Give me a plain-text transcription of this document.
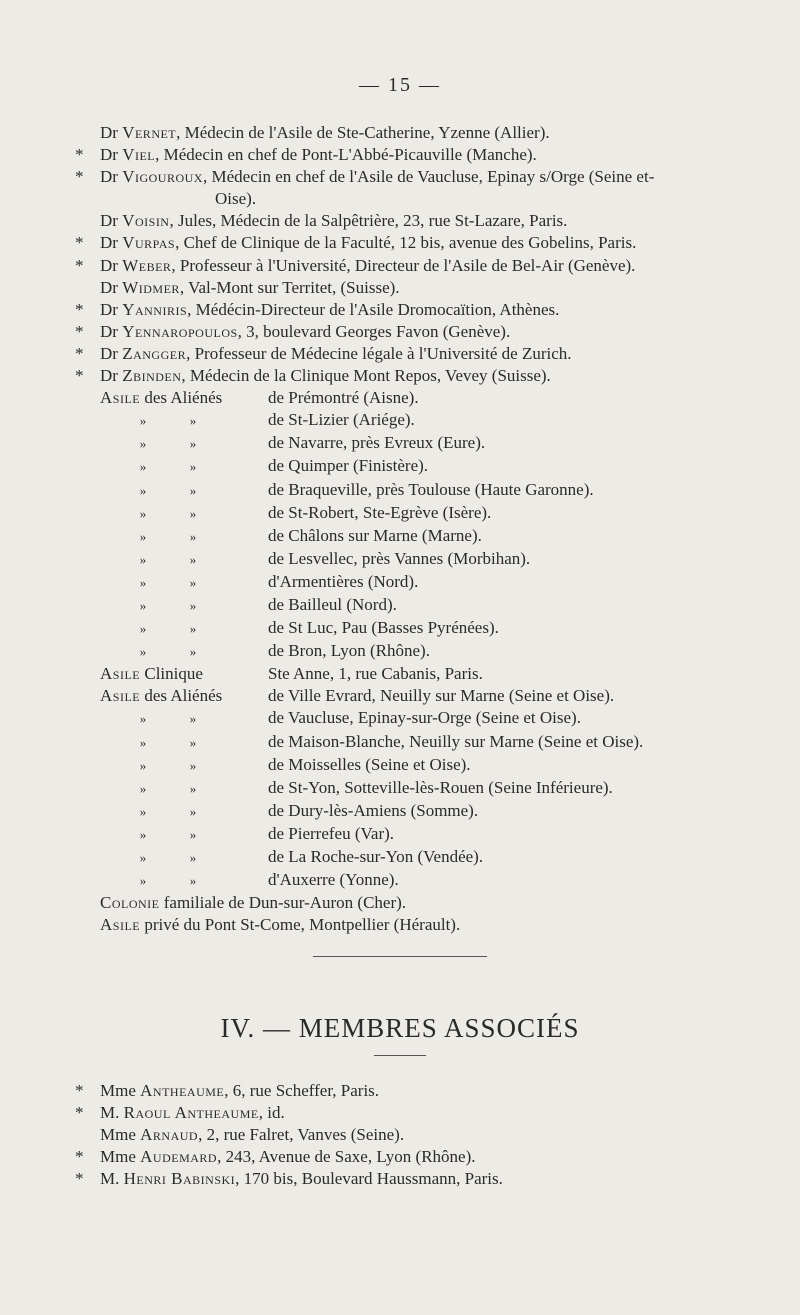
— 15 —
Dr Vernet, Médecin de l'Asile de Ste-Catherine, Yzenne (Allier).
* Dr Viel, Médecin en chef de Pont-L'Abbé-Picauville (Manche).
* Dr Vigouroux, Médecin en chef de l'Asile de Vaucluse, Epinay s/Orge (Seine et-
Oise).
Dr Voisin, Jules, Médecin de la Salpêtrière, 23, rue St-Lazare, Paris.
* Dr Vurpas, Chef de Clinique de la Faculté, 12 bis, avenue des Gobelins, Paris.
* Dr Weber, Professeur à l'Université, Directeur de l'Asile de Bel-Air (Genève).
Dr Widmer, Val-Mont sur Territet, (Suisse).
* Dr Yanniris, Médécin-Directeur de l'Asile Dromocaïtion, Athènes.
* Dr Yennaropoulos, 3, boulevard Georges Favon (Genève).
* Dr Zangger, Professeur de Médecine légale à l'Université de Zurich.
* Dr Zbinden, Médecin de la Clinique Mont Repos, Vevey (Suisse).
Asile des Aliénés	de Prémontré (Aisne).
»	»	de St-Lizier (Ariége).
»	»	de Navarre, près Evreux (Eure).
»	»	de Quimper (Finistère).
»	»	de Braqueville, près Toulouse (Haute Garonne).
»	»	de St-Robert, Ste-Egrève (Isère).
»	»	de Châlons sur Marne (Marne).
»	»	de Lesvellec, près Vannes (Morbihan).
»	»	d'Armentières (Nord).
»	»	de Bailleul (Nord).
»	»	de St Luc, Pau (Basses Pyrénées).
»	»	de Bron, Lyon (Rhône).
Asile Clinique	Ste Anne, 1, rue Cabanis, Paris.
Asile des Aliénés	de Ville Evrard, Neuilly sur Marne (Seine et Oise).
»	»	de Vaucluse, Epinay-sur-Orge (Seine et Oise).
»	»	de Maison-Blanche, Neuilly sur Marne (Seine et Oise).
»	»	de Moisselles (Seine et Oise).
»	»	de St-Yon, Sotteville-lès-Rouen (Seine Inférieure).
»	»	de Dury-lès-Amiens (Somme).
»	»	de Pierrefeu (Var).
»	»	de La Roche-sur-Yon (Vendée).
»	»	d'Auxerre (Yonne).
Colonie familiale de Dun-sur-Auron (Cher).
Asile privé du Pont St-Come, Montpellier (Hérault).
IV. — MEMBRES ASSOCIÉS
* Mme Antheaume, 6, rue Scheffer, Paris.
* M. Raoul Antheaume, id.
Mme Arnaud, 2, rue Falret, Vanves (Seine).
* Mme Audemard, 243, Avenue de Saxe, Lyon (Rhône).
* M. Henri Babinski, 170 bis, Boulevard Haussmann, Paris.
